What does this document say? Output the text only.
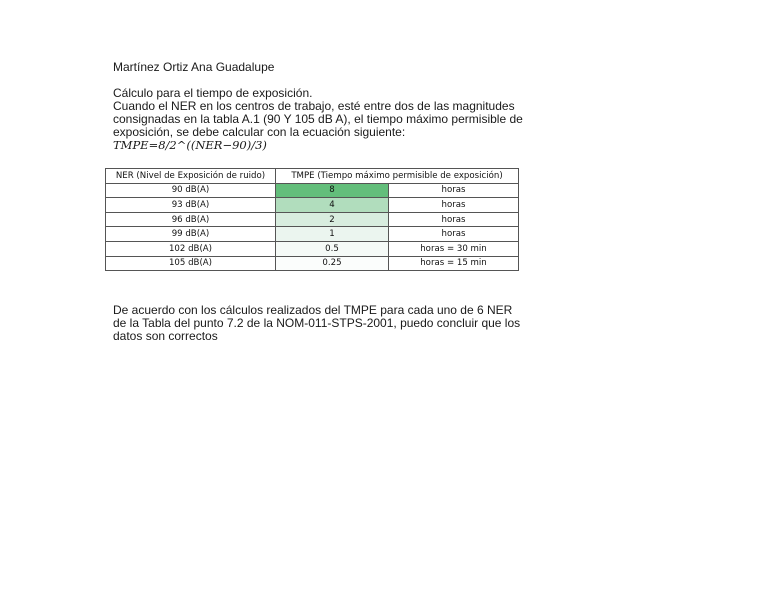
Martínez Ortiz Ana Guadalupe
Cálculo para el tiempo de exposición.
Cuando el NER en los centros de trabajo, esté entre dos de las magnitudes
consignadas en la tabla A.1 (90 Y 105 dB A), el tiempo máximo permisible de
exposición, se debe calcular con la ecuación siguiente:
𝑇𝑀𝑃𝐸=8/2^((𝑁𝐸𝑅−90)/3)
NER (Nivel de Exposición de ruido)	TMPE (Tiempo máximo permisible de exposición)	
90 dB(A)	8	horas
93 dB(A)	4	horas
96 dB(A)	2	horas
99 dB(A)	1	horas
102 dB(A)	0.5	horas = 30 min
105 dB(A)	0.25	horas = 15 min
De acuerdo con los cálculos realizados del TMPE para cada uno de 6 NER
de la Tabla del punto 7.2 de la NOM-011-STPS-2001, puedo concluir que los
datos son correctos
